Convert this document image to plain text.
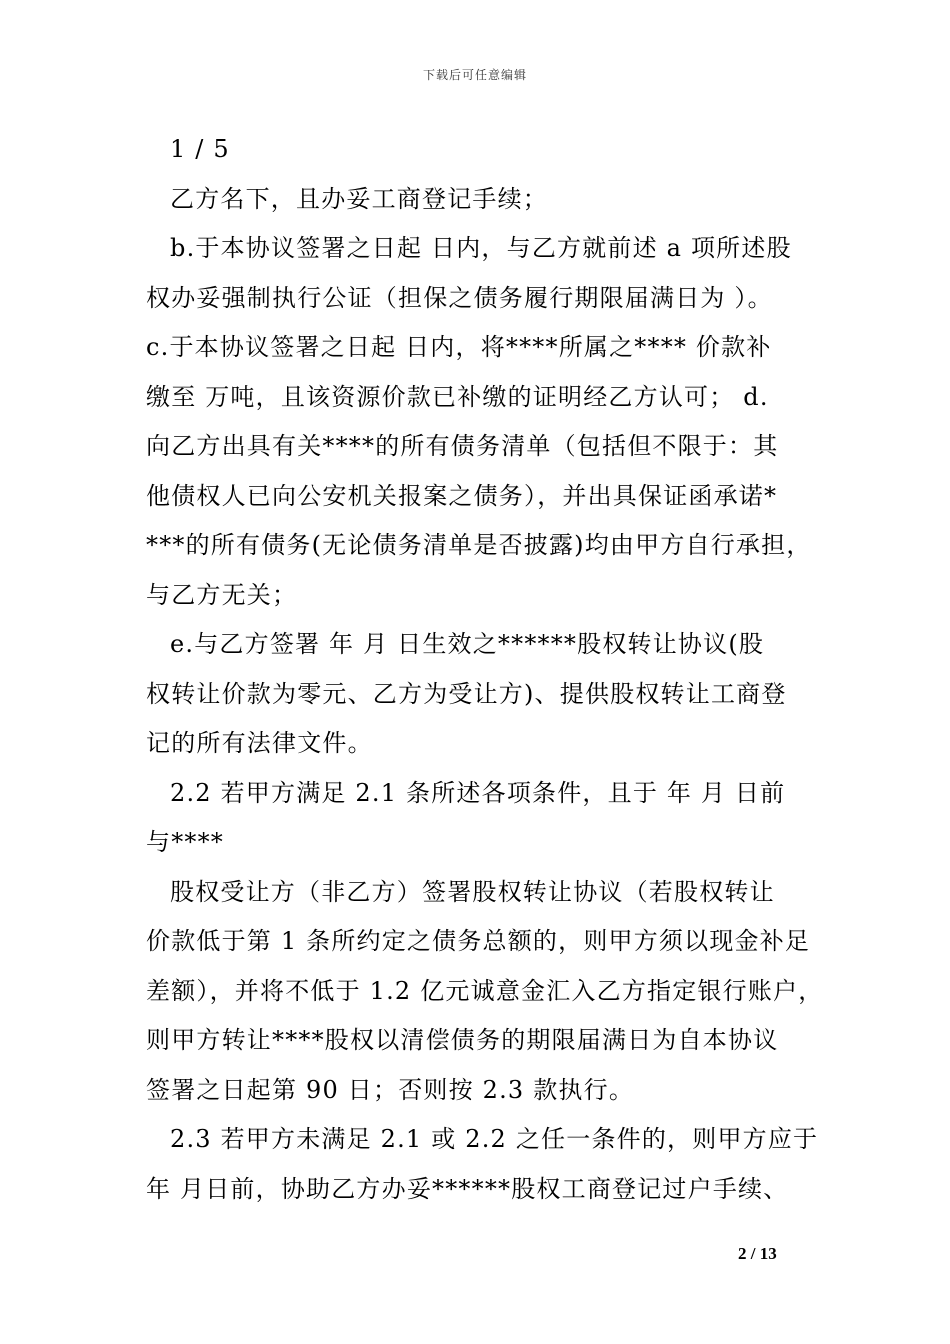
下载后可任意编辑
1 / 5
乙方名下，且办妥工商登记手续；
b.于本协议签署之日起 日内，与乙方就前述 a 项所述股
权办妥强制执行公证（担保之债务履行期限届满日为 ）。
c.于本协议签署之日起 日内，将****所属之**** 价款补
缴至 万吨，且该资源价款已补缴的证明经乙方认可； d.
向乙方出具有关****的所有债务清单（包括但不限于：其
他债权人已向公安机关报案之债务），并出具保证函承诺*
***的所有债务(无论债务清单是否披露)均由甲方自行承担，
与乙方无关；
e.与乙方签署 年 月 日生效之******股权转让协议(股
权转让价款为零元、乙方为受让方)、提供股权转让工商登
记的所有法律文件。
2.2 若甲方满足 2.1 条所述各项条件，且于 年 月 日前
与****
股权受让方（非乙方）签署股权转让协议（若股权转让
价款低于第 1 条所约定之债务总额的，则甲方须以现金补足
差额），并将不低于 1.2 亿元诚意金汇入乙方指定银行账户，
则甲方转让****股权以清偿债务的期限届满日为自本协议
签署之日起第 90 日；否则按 2.3 款执行。
2.3 若甲方未满足 2.1 或 2.2 之任一条件的，则甲方应于
年 月日前，协助乙方办妥******股权工商登记过户手续、
2 / 13
